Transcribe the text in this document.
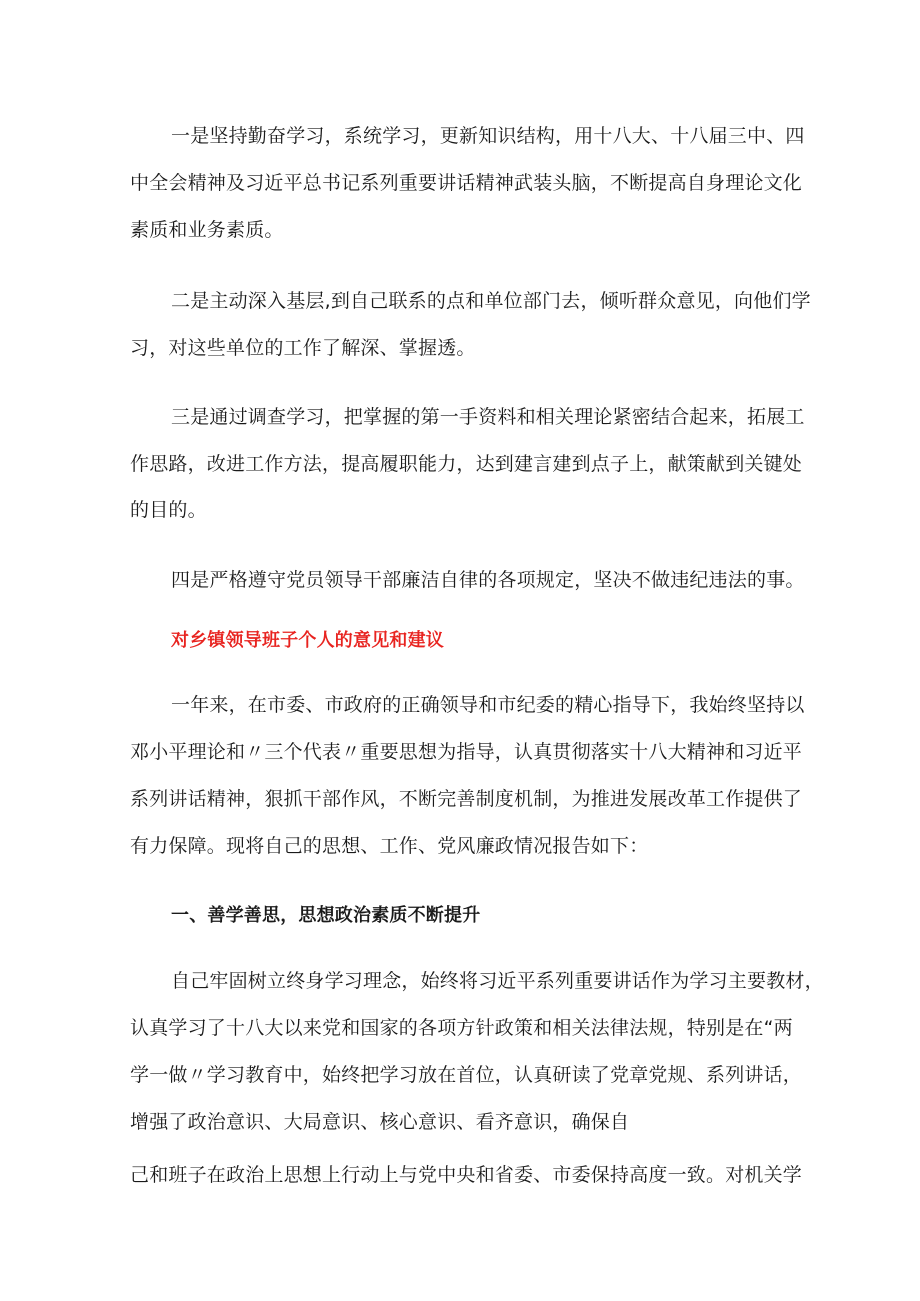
一是坚持勤奋学习，系统学习，更新知识结构，用十八大、十八届三中、四
中全会精神及习近平总书记系列重要讲话精神武装头脑，不断提高自身理论文化
素质和业务素质。
二是主动深入基层,到自己联系的点和单位部门去，倾听群众意见，向他们学
习，对这些单位的工作了解深、掌握透。
三是通过调查学习，把掌握的第一手资料和相关理论紧密结合起来，拓展工
作思路，改进工作方法，提高履职能力，达到建言建到点子上，献策献到关键处
的目的。
四是严格遵守党员领导干部廉洁自律的各项规定，坚决不做违纪违法的事。
对乡镇领导班子个人的意见和建议
一年来，在市委、市政府的正确领导和市纪委的精心指导下，我始终坚持以
邓小平理论和〃三个代表〃重要思想为指导，认真贯彻落实十八大精神和习近平
系列讲话精神，狠抓干部作风，不断完善制度机制，为推进发展改革工作提供了
有力保障。现将自己的思想、工作、党风廉政情况报告如下：
一、善学善思，思想政治素质不断提升
自己牢固树立终身学习理念，始终将习近平系列重要讲话作为学习主要教材，
认真学习了十八大以来党和国家的各项方针政策和相关法律法规，特别是在“两
学一做〃学习教育中，始终把学习放在首位，认真研读了党章党规、系列讲话，
增强了政治意识、大局意识、核心意识、看齐意识，确保自
己和班子在政治上思想上行动上与党中央和省委、市委保持高度一致。对机关学
